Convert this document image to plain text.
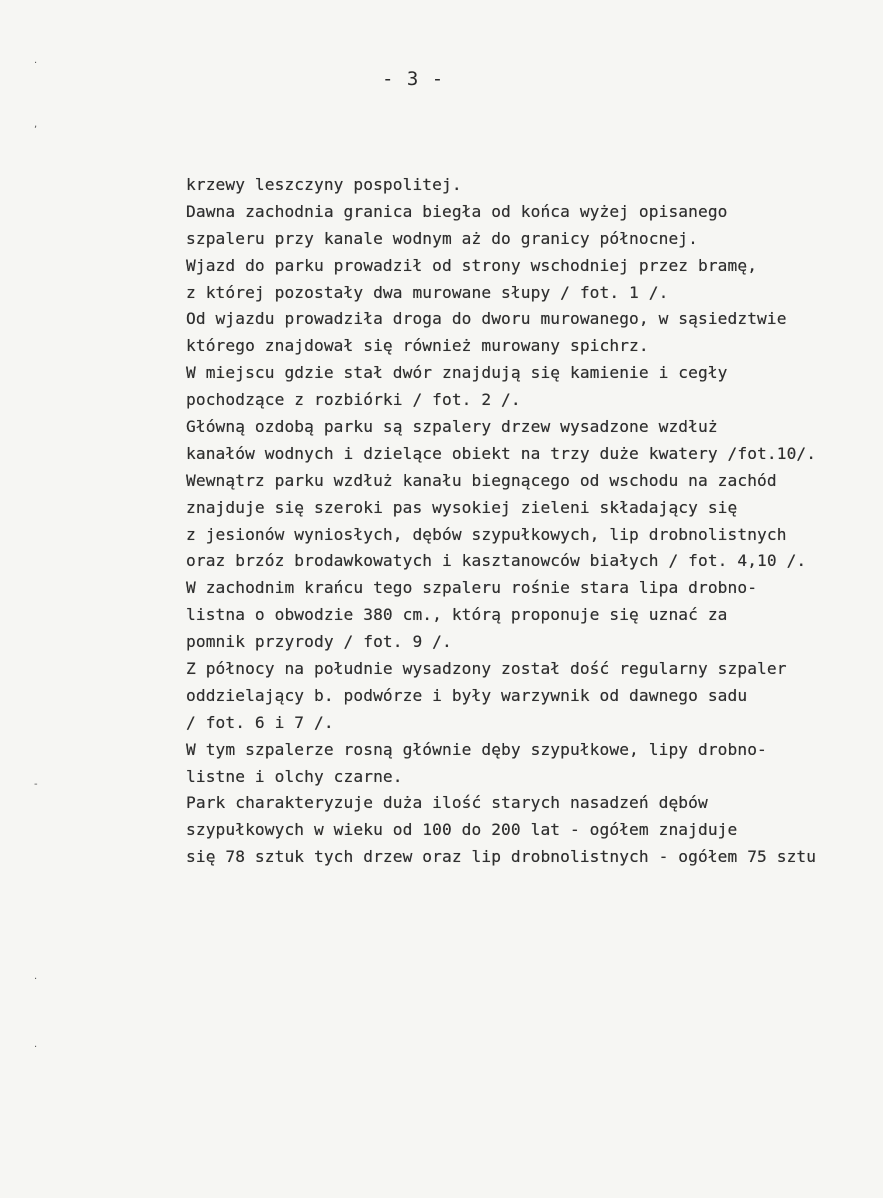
.
,
-
.
.
- 3 -
krzewy leszczyny pospolitej.
Dawna zachodnia granica biegła od końca wyżej opisanego
szpaleru przy kanale wodnym aż do granicy północnej.
Wjazd do parku prowadził od strony wschodniej przez bramę,
z której pozostały dwa murowane słupy / fot. 1 /.
Od wjazdu prowadziła droga do dworu murowanego, w sąsiedztwie
którego znajdował się również murowany spichrz.
W miejscu gdzie stał dwór znajdują się kamienie i cegły
pochodzące z rozbiórki / fot. 2 /.
Główną ozdobą parku są szpalery drzew wysadzone wzdłuż
kanałów wodnych i dzielące obiekt na trzy duże kwatery /fot.10/.
Wewnątrz parku wzdłuż kanału biegnącego od wschodu na zachód
znajduje się szeroki pas wysokiej zieleni składający się
z jesionów wyniosłych, dębów szypułkowych, lip drobnolistnych
oraz brzóz brodawkowatych i kasztanowców białych / fot. 4,10 /.
W zachodnim krańcu tego szpaleru rośnie stara lipa drobno-
listna o obwodzie 380 cm., którą proponuje się uznać za
pomnik przyrody / fot. 9 /.
Z północy na południe wysadzony został dość regularny szpaler
oddzielający b. podwórze i były warzywnik od dawnego sadu
/ fot. 6 i 7 /.
W tym szpalerze rosną głównie dęby szypułkowe, lipy drobno-
listne i olchy czarne.
Park charakteryzuje duża ilość starych nasadzeń dębów
szypułkowych w wieku od 100 do 200 lat - ogółem znajduje
się 78 sztuk tych drzew oraz lip drobnolistnych - ogółem 75 sztu
